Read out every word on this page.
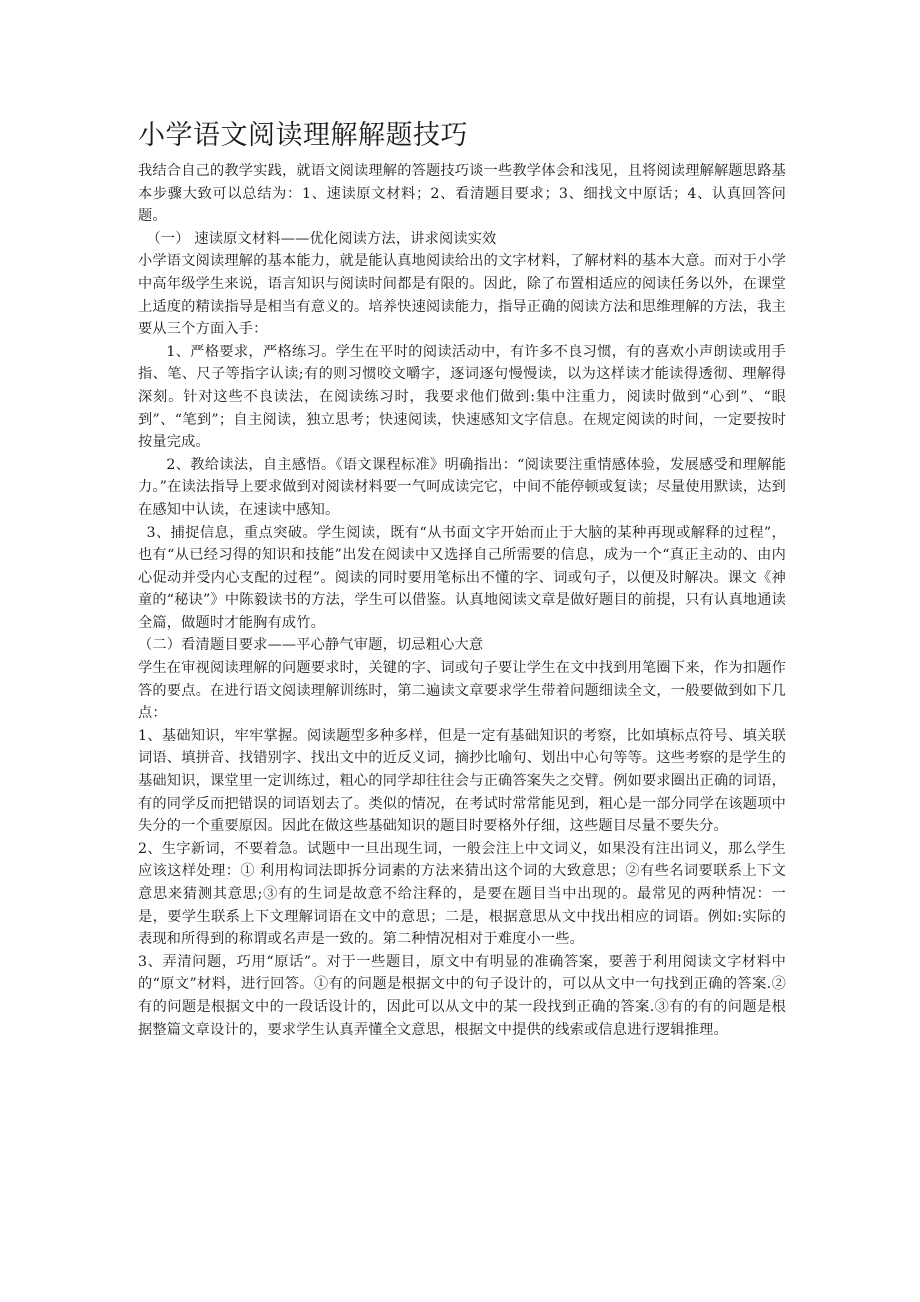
小学语文阅读理解解题技巧

我结合自己的教学实践，就语文阅读理解的答题技巧谈一些教学体会和浅见，且将阅读理解解题思路基本步骤大致可以总结为：1、速读原文材料；2、看清题目要求；3、细找文中原话；4、认真回答问题。

（一） 速读原文材料——优化阅读方法，讲求阅读实效

小学语文阅读理解的基本能力，就是能认真地阅读给出的文字材料，了解材料的基本大意。而对于小学中高年级学生来说，语言知识与阅读时间都是有限的。因此，除了布置相适应的阅读任务以外，在课堂上适度的精读指导是相当有意义的。培养快速阅读能力，指导正确的阅读方法和思维理解的方法，我主要从三个方面入手：

1、严格要求，严格练习。学生在平时的阅读活动中，有许多不良习惯，有的喜欢小声朗读或用手指、笔、尺子等指字认读;有的则习惯咬文嚼字，逐词逐句慢慢读，以为这样读才能读得透彻、理解得深刻。针对这些不良读法，在阅读练习时，我要求他们做到:集中注重力，阅读时做到“心到”、“眼到”、“笔到”；自主阅读，独立思考；快速阅读，快速感知文字信息。在规定阅读的时间，一定要按时按量完成。

2、教给读法，自主感悟。《语文课程标准》明确指出：“阅读要注重情感体验，发展感受和理解能力。”在读法指导上要求做到对阅读材料要一气呵成读完它，中间不能停顿或复读；尽量使用默读，达到在感知中认读，在速读中感知。

3、捕捉信息，重点突破。学生阅读，既有“从书面文字开始而止于大脑的某种再现或解释的过程”，也有“从已经习得的知识和技能”出发在阅读中又选择自己所需要的信息，成为一个“真正主动的、由内心促动并受内心支配的过程”。阅读的同时要用笔标出不懂的字、词或句子，以便及时解决。课文《神童的“秘诀”》中陈毅读书的方法，学生可以借鉴。认真地阅读文章是做好题目的前提，只有认真地通读全篇，做题时才能胸有成竹。

（二）看清题目要求——平心静气审题，切忌粗心大意

学生在审视阅读理解的问题要求时，关键的字、词或句子要让学生在文中找到用笔圈下来，作为扣题作答的要点。在进行语文阅读理解训练时，第二遍读文章要求学生带着问题细读全文，一般要做到如下几点：

1、基础知识，牢牢掌握。阅读题型多种多样，但是一定有基础知识的考察，比如填标点符号、填关联词语、填拼音、找错别字、找出文中的近反义词，摘抄比喻句、划出中心句等等。这些考察的是学生的基础知识，课堂里一定训练过，粗心的同学却往往会与正确答案失之交臂。例如要求圈出正确的词语，有的同学反而把错误的词语划去了。类似的情况，在考试时常常能见到，粗心是一部分同学在该题项中失分的一个重要原因。因此在做这些基础知识的题目时要格外仔细，这些题目尽量不要失分。

2、生字新词，不要着急。试题中一旦出现生词，一般会注上中文词义，如果没有注出词义，那么学生应该这样处理：① 利用构词法即拆分词素的方法来猜出这个词的大致意思；②有些名词要联系上下文意思来猜测其意思;③有的生词是故意不给注释的，是要在题目当中出现的。最常见的两种情况：一是，要学生联系上下文理解词语在文中的意思；二是，根据意思从文中找出相应的词语。例如:实际的表现和所得到的称谓或名声是一致的。第二种情况相对于难度小一些。

3、弄清问题，巧用“原话”。对于一些题目，原文中有明显的准确答案，要善于利用阅读文字材料中的“原文”材料，进行回答。①有的问题是根据文中的句子设计的，可以从文中一句找到正确的答案.②有的问题是根据文中的一段话设计的，因此可以从文中的某一段找到正确的答案.③有的有的问题是根据整篇文章设计的，要求学生认真弄懂全文意思，根据文中提供的线索或信息进行逻辑推理。
